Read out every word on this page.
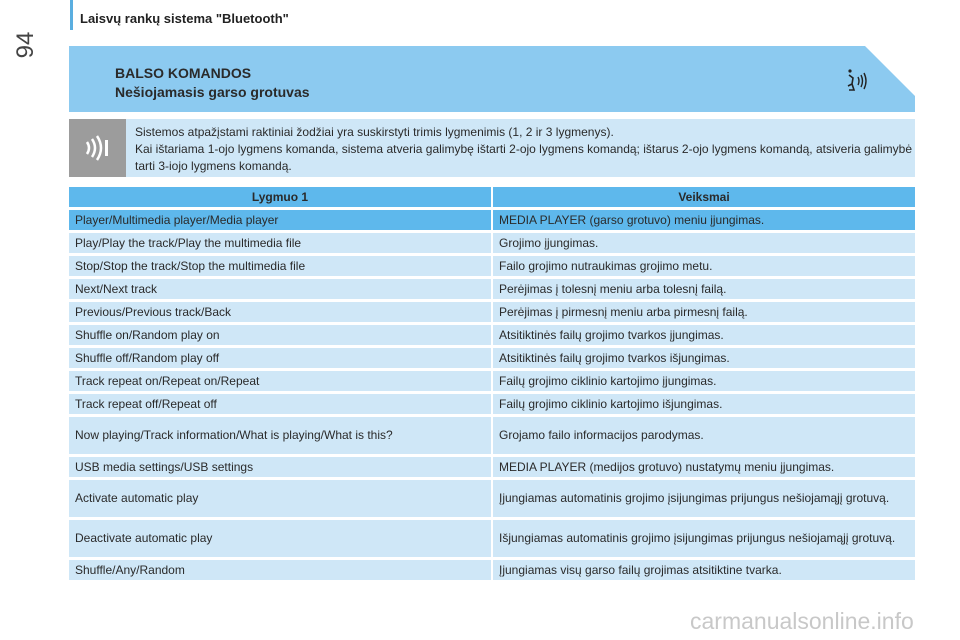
94
Laisvų rankų sistema "Bluetooth"
BALSO KOMANDOS
Nešiojamasis garso grotuvas
Sistemos atpažįstami raktiniai žodžiai yra suskirstyti trimis lygmenimis (1, 2 ir 3 lygmenys).
Kai ištariama 1-ojo lygmens komanda, sistema atveria galimybę ištarti 2-ojo lygmens komandą; ištarus 2-ojo lygmens komandą, atsiveria galimybė tarti 3-iojo lygmens komandą.
Lygmuo 1	Veiksmai
Player/Multimedia player/Media player	MEDIA PLAYER (garso grotuvo) meniu įjungimas.
Play/Play the track/Play the multimedia file	Grojimo įjungimas.
Stop/Stop the track/Stop the multimedia file	Failo grojimo nutraukimas grojimo metu.
Next/Next track	Perėjimas į tolesnį meniu arba tolesnį failą.
Previous/Previous track/Back	Perėjimas į pirmesnį meniu arba pirmesnį failą.
Shuffle on/Random play on	Atsitiktinės failų grojimo tvarkos įjungimas.
Shuffle off/Random play off	Atsitiktinės failų grojimo tvarkos išjungimas.
Track repeat on/Repeat on/Repeat	Failų grojimo ciklinio kartojimo įjungimas.
Track repeat off/Repeat off	Failų grojimo ciklinio kartojimo išjungimas.
Now playing/Track information/What is playing/What is this?	Grojamo failo informacijos parodymas.
USB media settings/USB settings	MEDIA PLAYER (medijos grotuvo) nustatymų meniu įjungimas.
Activate automatic play	Įjungiamas automatinis grojimo įsijungimas prijungus nešiojamąjį grotuvą.
Deactivate automatic play	Išjungiamas automatinis grojimo įsijungimas prijungus nešiojamąjį grotuvą.
Shuffle/Any/Random	Įjungiamas visų garso failų grojimas atsitiktine tvarka.
carmanualsonline.info
